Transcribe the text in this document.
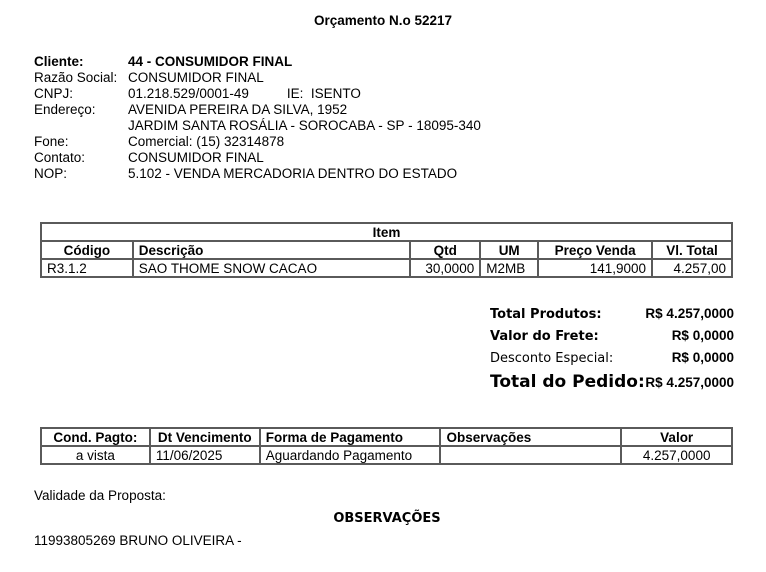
Orçamento N.o 52217
Cliente:	44 - CONSUMIDOR FINAL
Razão Social: CONSUMIDOR FINAL
CNPJ:	01.218.529/0001-49	IE:  ISENTO
Endereço:	AVENIDA PEREIRA DA SILVA, 1952
JARDIM SANTA ROSÁLIA - SOROCABA - SP - 18095-340
Fone:	Comercial: (15) 32314878
Contato:	CONSUMIDOR FINAL
NOP:	5.102 - VENDA MERCADORIA DENTRO DO ESTADO
Item					
Código	Descrição	Qtd	UM	Preço Venda	Vl. Total
R3.1.2	SAO THOME SNOW CACAO	30,0000	M2MB	141,9000	4.257,00
Total Produtos:	R$ 4.257,0000
Valor do Frete:	R$ 0,0000
Desconto Especial:	R$ 0,0000
Total do Pedido: R$ 4.257,0000
Cond. Pagto:	Dt Vencimento	Forma de Pagamento	Observações	Valor
a vista	11/06/2025	Aguardando Pagamento		4.257,0000
Validade da Proposta:
OBSERVAÇÕES
11993805269 BRUNO OLIVEIRA -
